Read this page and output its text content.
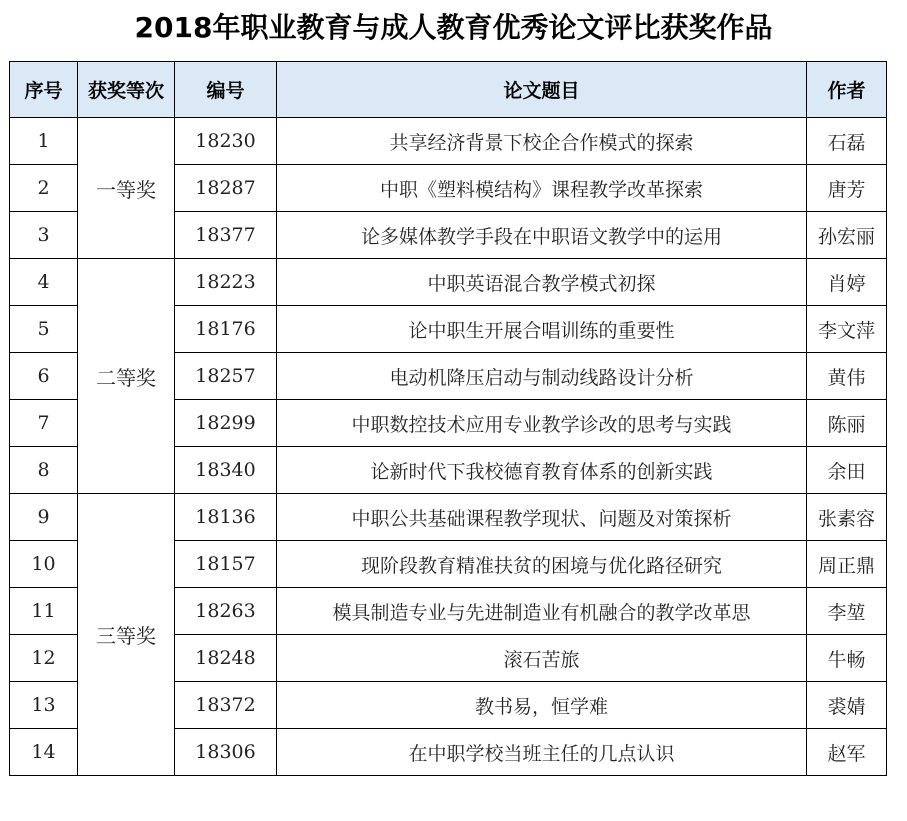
2018年职业教育与成人教育优秀论文评比获奖作品
序号	获奖等次	编号	论文题目	作者
1	一等奖	18230	共享经济背景下校企合作模式的探索	石磊
2		18287	中职《塑料模结构》课程教学改革探索	唐芳
3		18377	论多媒体教学手段在中职语文教学中的运用	孙宏丽
4	二等奖	18223	中职英语混合教学模式初探	肖婷
5		18176	论中职生开展合唱训练的重要性	李文萍
6		18257	电动机降压启动与制动线路设计分析	黄伟
7		18299	中职数控技术应用专业教学诊改的思考与实践	陈丽
8		18340	论新时代下我校德育教育体系的创新实践	余田
9	三等奖	18136	中职公共基础课程教学现状、问题及对策探析	张素容
10		18157	现阶段教育精准扶贫的困境与优化路径研究	周正鼎
11		18263	模具制造专业与先进制造业有机融合的教学改革思	李堃
12		18248	滚石苦旅	牛畅
13		18372	教书易，恒学难	裘婧
14		18306	在中职学校当班主任的几点认识	赵军
